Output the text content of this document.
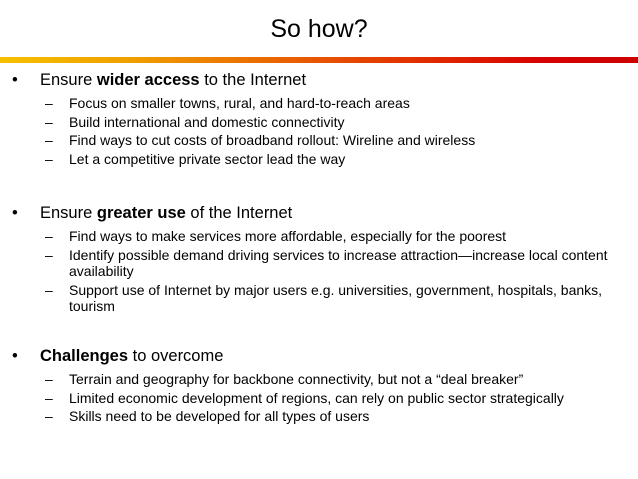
So how?
• Ensure wider access to the Internet
– Focus on smaller towns, rural, and hard-to-reach areas
– Build international and domestic connectivity
– Find ways to cut costs of broadband rollout: Wireline and wireless
– Let a competitive private sector lead the way
• Ensure greater use of the Internet
– Find ways to make services more affordable, especially for the poorest
– Identify possible demand driving services to increase attraction—increase local content availability
– Support use of Internet by major users e.g. universities, government, hospitals, banks, tourism
• Challenges to overcome
– Terrain and geography for backbone connectivity, but not a “deal breaker”
– Limited economic development of regions, can rely on public sector strategically
– Skills need to be developed for all types of users
